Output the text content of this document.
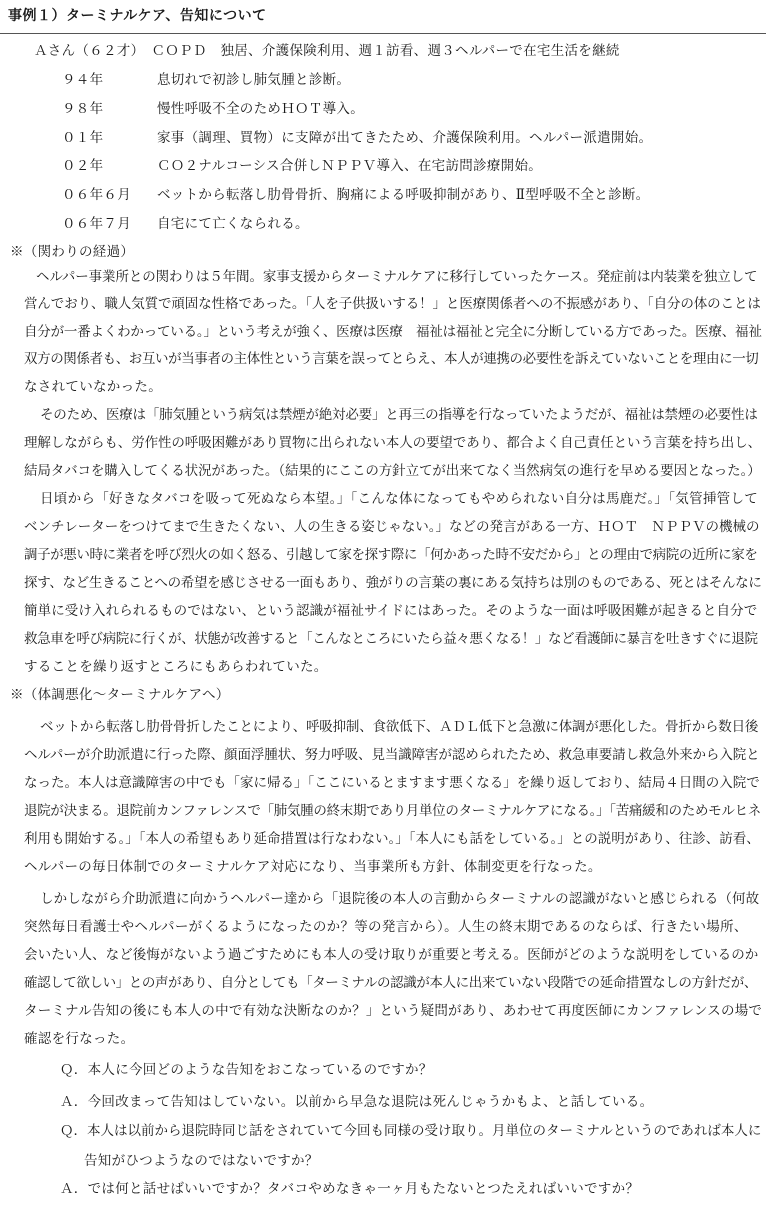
事例１）ターミナルケア、告知について
Ａさん（６２才）　ＣＯＰＤ　独居、介護保険利用、週１訪看、週３ヘルパーで在宅生活を継続
９４年	息切れで初診し肺気腫と診断。
９８年	慢性呼吸不全のためＨＯＴ導入。
０１年	家事（調理、買物）に支障が出てきたため、介護保険利用。ヘルパー派遣開始。
０２年	ＣＯ２ナルコーシス合併しＮＰＰＶ導入、在宅訪問診療開始。
０６年６月 ベットから転落し肋骨骨折、胸痛による呼吸抑制があり、Ⅱ型呼吸不全と診断。
０６年７月 自宅にて亡くなられる。
※（関わりの経過）
ヘルパー事業所との関わりは５年間。家事支援からターミナルケアに移行していったケース。発症前は内装業を独立して
営んでおり、職人気質で頑固な性格であった。「人を子供扱いする！」と医療関係者への不振感があり、「自分の体のことは
自分が一番よくわかっている。」という考えが強く、医療は医療　福祉は福祉と完全に分断している方であった。医療、福祉
双方の関係者も、お互いが当事者の主体性という言葉を誤ってとらえ、本人が連携の必要性を訴えていないことを理由に一切
なされていなかった。
そのため、医療は「肺気腫という病気は禁煙が絶対必要」と再三の指導を行なっていたようだが、福祉は禁煙の必要性は
理解しながらも、労作性の呼吸困難があり買物に出られない本人の要望であり、都合よく自己責任という言葉を持ち出し、
結局タバコを購入してくる状況があった。（結果的にここの方針立てが出来てなく当然病気の進行を早める要因となった。）
日頃から「好きなタバコを吸って死ぬなら本望。」「こんな体になってもやめられない自分は馬鹿だ。」「気管挿管して
ベンチレーターをつけてまで生きたくない、人の生きる姿じゃない。」などの発言がある一方、ＨＯＴ　ＮＰＰＶの機械の
調子が悪い時に業者を呼び烈火の如く怒る、引越して家を探す際に「何かあった時不安だから」との理由で病院の近所に家を
探す、など生きることへの希望を感じさせる一面もあり、強がりの言葉の裏にある気持ちは別のものである、死とはそんなに
簡単に受け入れられるものではない、という認識が福祉サイドにはあった。そのような一面は呼吸困難が起きると自分で
救急車を呼び病院に行くが、状態が改善すると「こんなところにいたら益々悪くなる！」など看護師に暴言を吐きすぐに退院
することを繰り返すところにもあらわれていた。
※（体調悪化～ターミナルケアへ）
ベットから転落し肋骨骨折したことにより、呼吸抑制、食欲低下、ＡＤＬ低下と急激に体調が悪化した。骨折から数日後
ヘルパーが介助派遣に行った際、顔面浮腫状、努力呼吸、見当識障害が認められたため、救急車要請し救急外来から入院と
なった。本人は意識障害の中でも「家に帰る」「ここにいるとますます悪くなる」を繰り返しており、結局４日間の入院で
退院が決まる。退院前カンファレンスで「肺気腫の終末期であり月単位のターミナルケアになる。」「苦痛緩和のためモルヒネ
利用も開始する。」「本人の希望もあり延命措置は行なわない。」「本人にも話をしている。」との説明があり、往診、訪看、
ヘルパーの毎日体制でのターミナルケア対応になり、当事業所も方針、体制変更を行なった。
しかしながら介助派遣に向かうヘルパー達から「退院後の本人の言動からターミナルの認識がないと感じられる（何故
突然毎日看護士やヘルパーがくるようになったのか？等の発言から）。人生の終末期であるのならば、行きたい場所、
会いたい人、など後悔がないよう過ごすためにも本人の受け取りが重要と考える。医師がどのような説明をしているのか
確認して欲しい」との声があり、自分としても「ターミナルの認識が本人に出来ていない段階での延命措置なしの方針だが、
ターミナル告知の後にも本人の中で有効な決断なのか？」という疑問があり、あわせて再度医師にカンファレンスの場で
確認を行なった。
Ｑ．本人に今回どのような告知をおこなっているのですか？
Ａ．今回改まって告知はしていない。以前から早急な退院は死んじゃうかもよ、と話している。
Ｑ．本人は以前から退院時同じ話をされていて今回も同様の受け取り。月単位のターミナルというのであれば本人に
告知がひつようなのではないですか？
Ａ．では何と話せばいいですか？タバコやめなきゃ一ヶ月もたないとつたえればいいですか？
